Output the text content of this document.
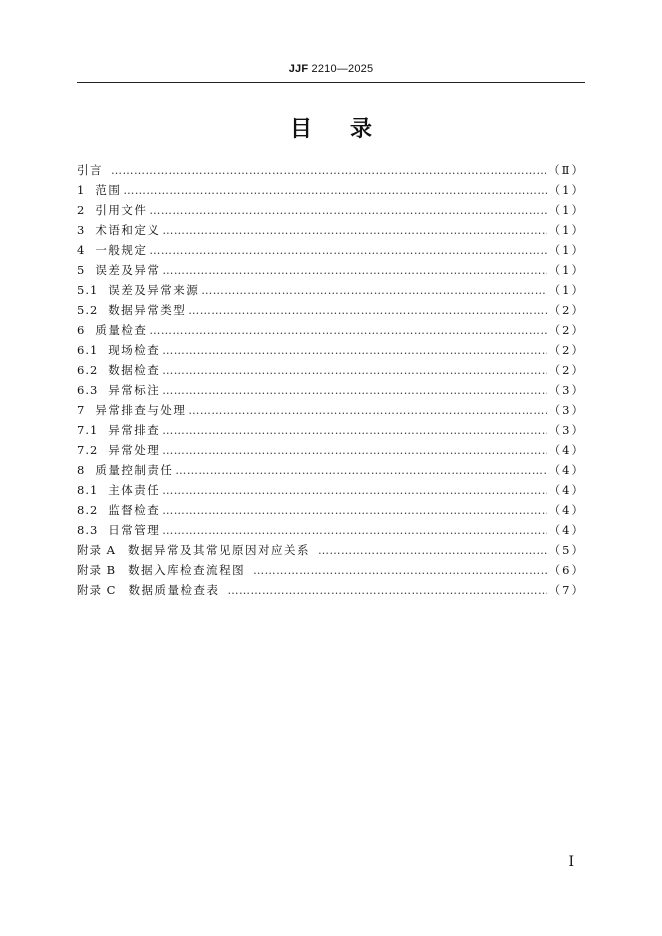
JJF 2210—2025
目录
引言 …………………………………………………………………………………………………………………………………………………………………………………………………………………………	（Ⅱ）
1 范围 …………………………………………………………………………………………………………………………………………………………………………………………………………………………	（1）
2 引用文件 …………………………………………………………………………………………………………………………………………………………………………………………………………………………	（1）
3 术语和定义 …………………………………………………………………………………………………………………………………………………………………………………………………………………………	（1）
4 一般规定 …………………………………………………………………………………………………………………………………………………………………………………………………………………………	（1）
5 误差及异常 …………………………………………………………………………………………………………………………………………………………………………………………………………………………	（1）
5.1 误差及异常来源 …………………………………………………………………………………………………………………………………………………………………………………………………………………………	（1）
5.2 数据异常类型 …………………………………………………………………………………………………………………………………………………………………………………………………………………………	（2）
6 质量检查 …………………………………………………………………………………………………………………………………………………………………………………………………………………………	（2）
6.1 现场检查 …………………………………………………………………………………………………………………………………………………………………………………………………………………………	（2）
6.2 数据检查 …………………………………………………………………………………………………………………………………………………………………………………………………………………………	（2）
6.3 异常标注 …………………………………………………………………………………………………………………………………………………………………………………………………………………………	（3）
7 异常排查与处理 …………………………………………………………………………………………………………………………………………………………………………………………………………………………	（3）
7.1 异常排查 …………………………………………………………………………………………………………………………………………………………………………………………………………………………	（3）
7.2 异常处理 …………………………………………………………………………………………………………………………………………………………………………………………………………………………	（4）
8 质量控制责任 …………………………………………………………………………………………………………………………………………………………………………………………………………………………	（4）
8.1 主体责任 …………………………………………………………………………………………………………………………………………………………………………………………………………………………	（4）
8.2 监督检查 …………………………………………………………………………………………………………………………………………………………………………………………………………………………	（4）
8.3 日常管理 …………………………………………………………………………………………………………………………………………………………………………………………………………………………	（4）
附录 A 数据异常及其常见原因对应关系 …………………………………………………………………………………………………………………………………………………………………………………………………………………………	（5）
附录 B 数据入库检查流程图 …………………………………………………………………………………………………………………………………………………………………………………………………………………………	（6）
附录 C 数据质量检查表 …………………………………………………………………………………………………………………………………………………………………………………………………………………………	（7）
Ⅰ
